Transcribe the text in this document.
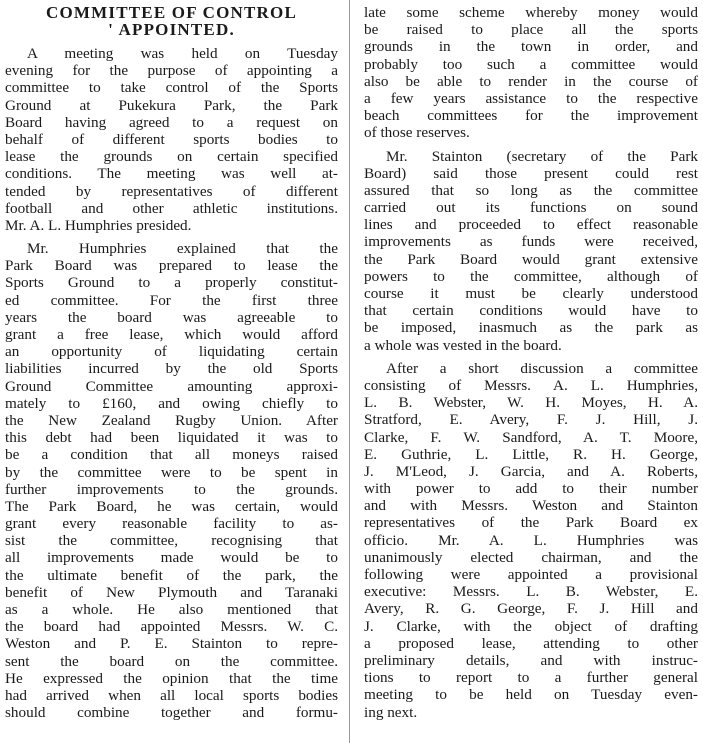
COMMITTEE OF CONTROL
' APPOINTED.
A meeting was held on Tuesday
evening for the purpose of appointing a
committee to take control of the Sports
Ground at Pukekura Park, the Park
Board having agreed to a request on
behalf of different sports bodies to
lease the grounds on certain specified
conditions. The meeting was well at-
tended by representatives of different
football and other athletic institutions.
Mr. A. L. Humphries presided.
Mr. Humphries explained that the
Park Board was prepared to lease the
Sports Ground to a properly constitut-
ed committee. For the first three
years the board was agreeable to
grant a free lease, which would afford
an opportunity of liquidating certain
liabilities incurred by the old Sports
Ground Committee amounting approxi-
mately to £160, and owing chiefly to
the New Zealand Rugby Union. After
this debt had been liquidated it was to
be a condition that all moneys raised
by the committee were to be spent in
further improvements to the grounds.
The Park Board, he was certain, would
grant every reasonable facility to as-
sist the committee, recognising that
all improvements made would be to
the ultimate benefit of the park, the
benefit of New Plymouth and Taranaki
as a whole. He also mentioned that
the board had appointed Messrs. W. C.
Weston and P. E. Stainton to repre-
sent the board on the committee.
He expressed the opinion that the time
had arrived when all local sports bodies
should combine together and formu-
late some scheme whereby money would
be raised to place all the sports
grounds in the town in order, and
probably too such a committee would
also be able to render in the course of
a few years assistance to the respective
beach committees for the improvement
of those reserves.
Mr. Stainton (secretary of the Park
Board) said those present could rest
assured that so long as the committee
carried out its functions on sound
lines and proceeded to effect reasonable
improvements as funds were received,
the Park Board would grant extensive
powers to the committee, although of
course it must be clearly understood
that certain conditions would have to
be imposed, inasmuch as the park as
a whole was vested in the board.
After a short discussion a committee
consisting of Messrs. A. L. Humphries,
L. B. Webster, W. H. Moyes, H. A.
Stratford, E. Avery, F. J. Hill, J.
Clarke, F. W. Sandford, A. T. Moore,
E. Guthrie, L. Little, R. H. George,
J. M'Leod, J. Garcia, and A. Roberts,
with power to add to their number
and with Messrs. Weston and Stainton
representatives of the Park Board ex
officio. Mr. A. L. Humphries was
unanimously elected chairman, and the
following were appointed a provisional
executive: Messrs. L. B. Webster, E.
Avery, R. G. George, F. J. Hill and
J. Clarke, with the object of drafting
a proposed lease, attending to other
preliminary details, and with instruc-
tions to report to a further general
meeting to be held on Tuesday even-
ing next.
